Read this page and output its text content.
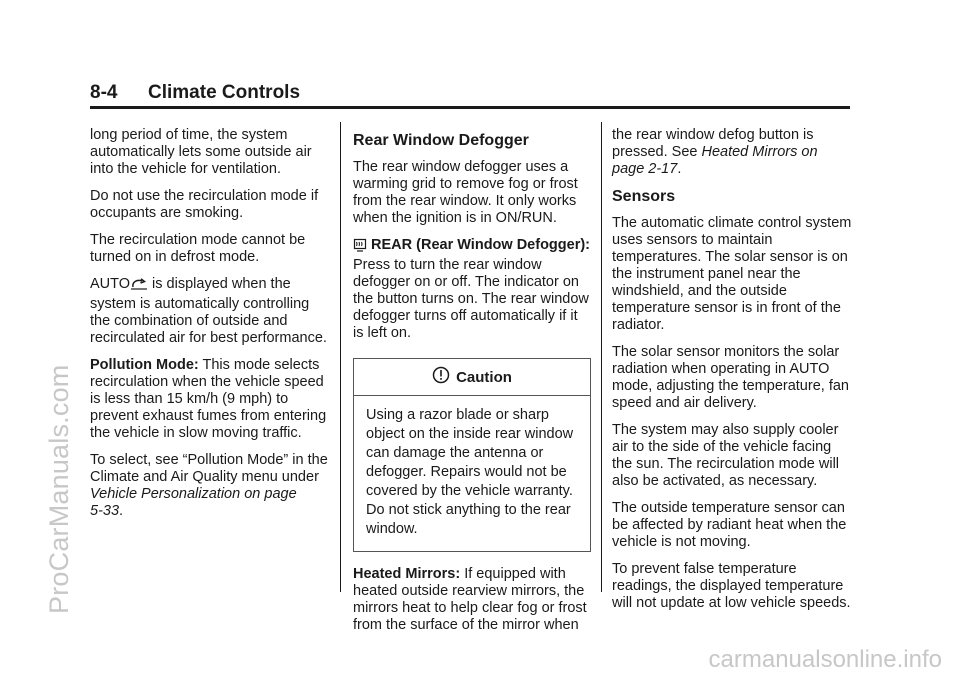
8-4 Climate Controls

long period of time, the system automatically lets some outside air into the vehicle for ventilation.

Do not use the recirculation mode if occupants are smoking.

The recirculation mode cannot be turned on in defrost mode.

AUTO is displayed when the system is automatically controlling the combination of outside and recirculated air for best performance.

Pollution Mode: This mode selects recirculation when the vehicle speed is less than 15 km/h (9 mph) to prevent exhaust fumes from entering the vehicle in slow moving traffic.

To select, see “Pollution Mode” in the Climate and Air Quality menu under Vehicle Personalization on page 5‑33.

Rear Window Defogger

The rear window defogger uses a warming grid to remove fog or frost from the rear window. It only works when the ignition is in ON/RUN.

REAR (Rear Window Defogger): Press to turn the rear window defogger on or off. The indicator on the button turns on. The rear window defogger turns off automatically if it is left on.

Caution
Using a razor blade or sharp object on the inside rear window can damage the antenna or defogger. Repairs would not be covered by the vehicle warranty. Do not stick anything to the rear window.

Heated Mirrors: If equipped with heated outside rearview mirrors, the mirrors heat to help clear fog or frost from the surface of the mirror when

the rear window defog button is pressed. See Heated Mirrors on page 2‑17.

Sensors

The automatic climate control system uses sensors to maintain temperatures. The solar sensor is on the instrument panel near the windshield, and the outside temperature sensor is in front of the radiator.

The solar sensor monitors the solar radiation when operating in AUTO mode, adjusting the temperature, fan speed and air delivery.

The system may also supply cooler air to the side of the vehicle facing the sun. The recirculation mode will also be activated, as necessary.

The outside temperature sensor can be affected by radiant heat when the vehicle is not moving.

To prevent false temperature readings, the displayed temperature will not update at low vehicle speeds.

ProCarManuals.com
carmanualsonline.info
